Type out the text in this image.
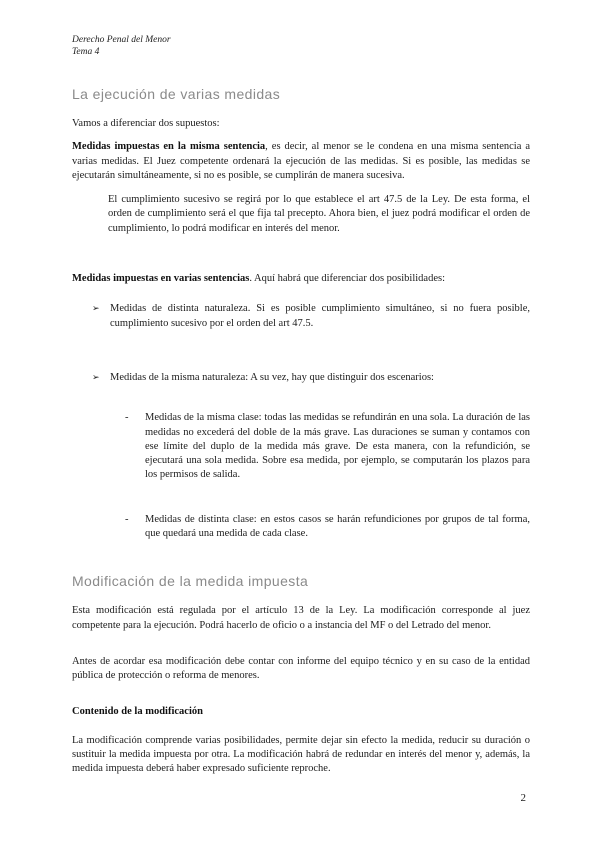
Derecho Penal del Menor
Tema 4
La ejecución de varias medidas

Vamos a diferenciar dos supuestos:

Medidas impuestas en la misma sentencia, es decir, al menor se le condena en una misma sentencia a varias medidas. El Juez competente ordenará la ejecución de las medidas. Si es posible, las medidas se ejecutarán simultáneamente, si no es posible, se cumplirán de manera sucesiva.

El cumplimiento sucesivo se regirá por lo que establece el art 47.5 de la Ley. De esta forma, el orden de cumplimiento será el que fija tal precepto. Ahora bien, el juez podrá modificar el orden de cumplimiento, lo podrá modificar en interés del menor.

Medidas impuestas en varias sentencias. Aquí habrá que diferenciar dos posibilidades:

➢ Medidas de distinta naturaleza. Si es posible cumplimiento simultáneo, si no fuera posible, cumplimiento sucesivo por el orden del art 47.5.
➢ Medidas de la misma naturaleza: A su vez, hay que distinguir dos escenarios:
-	Medidas de la misma clase: todas las medidas se refundirán en una sola. La duración de las medidas no excederá del doble de la más grave. Las duraciones se suman y contamos con ese límite del duplo de la medida más grave. De esta manera, con la refundición, se ejecutará una sola medida. Sobre esa medida, por ejemplo, se computarán los plazos para los permisos de salida.
-	Medidas de distinta clase: en estos casos se harán refundiciones por grupos de tal forma, que quedará una medida de cada clase.
Modificación de la medida impuesta

Esta modificación está regulada por el artículo 13 de la Ley. La modificación corresponde al juez competente para la ejecución. Podrá hacerlo de oficio o a instancia del MF o del Letrado del menor.

Antes de acordar esa modificación debe contar con informe del equipo técnico y en su caso de la entidad pública de protección o reforma de menores.

Contenido de la modificación

La modificación comprende varias posibilidades, permite dejar sin efecto la medida, reducir su duración o sustituir la medida impuesta por otra. La modificación habrá de redundar en interés del menor y, además, la medida impuesta deberá haber expresado suficiente reproche.

2
